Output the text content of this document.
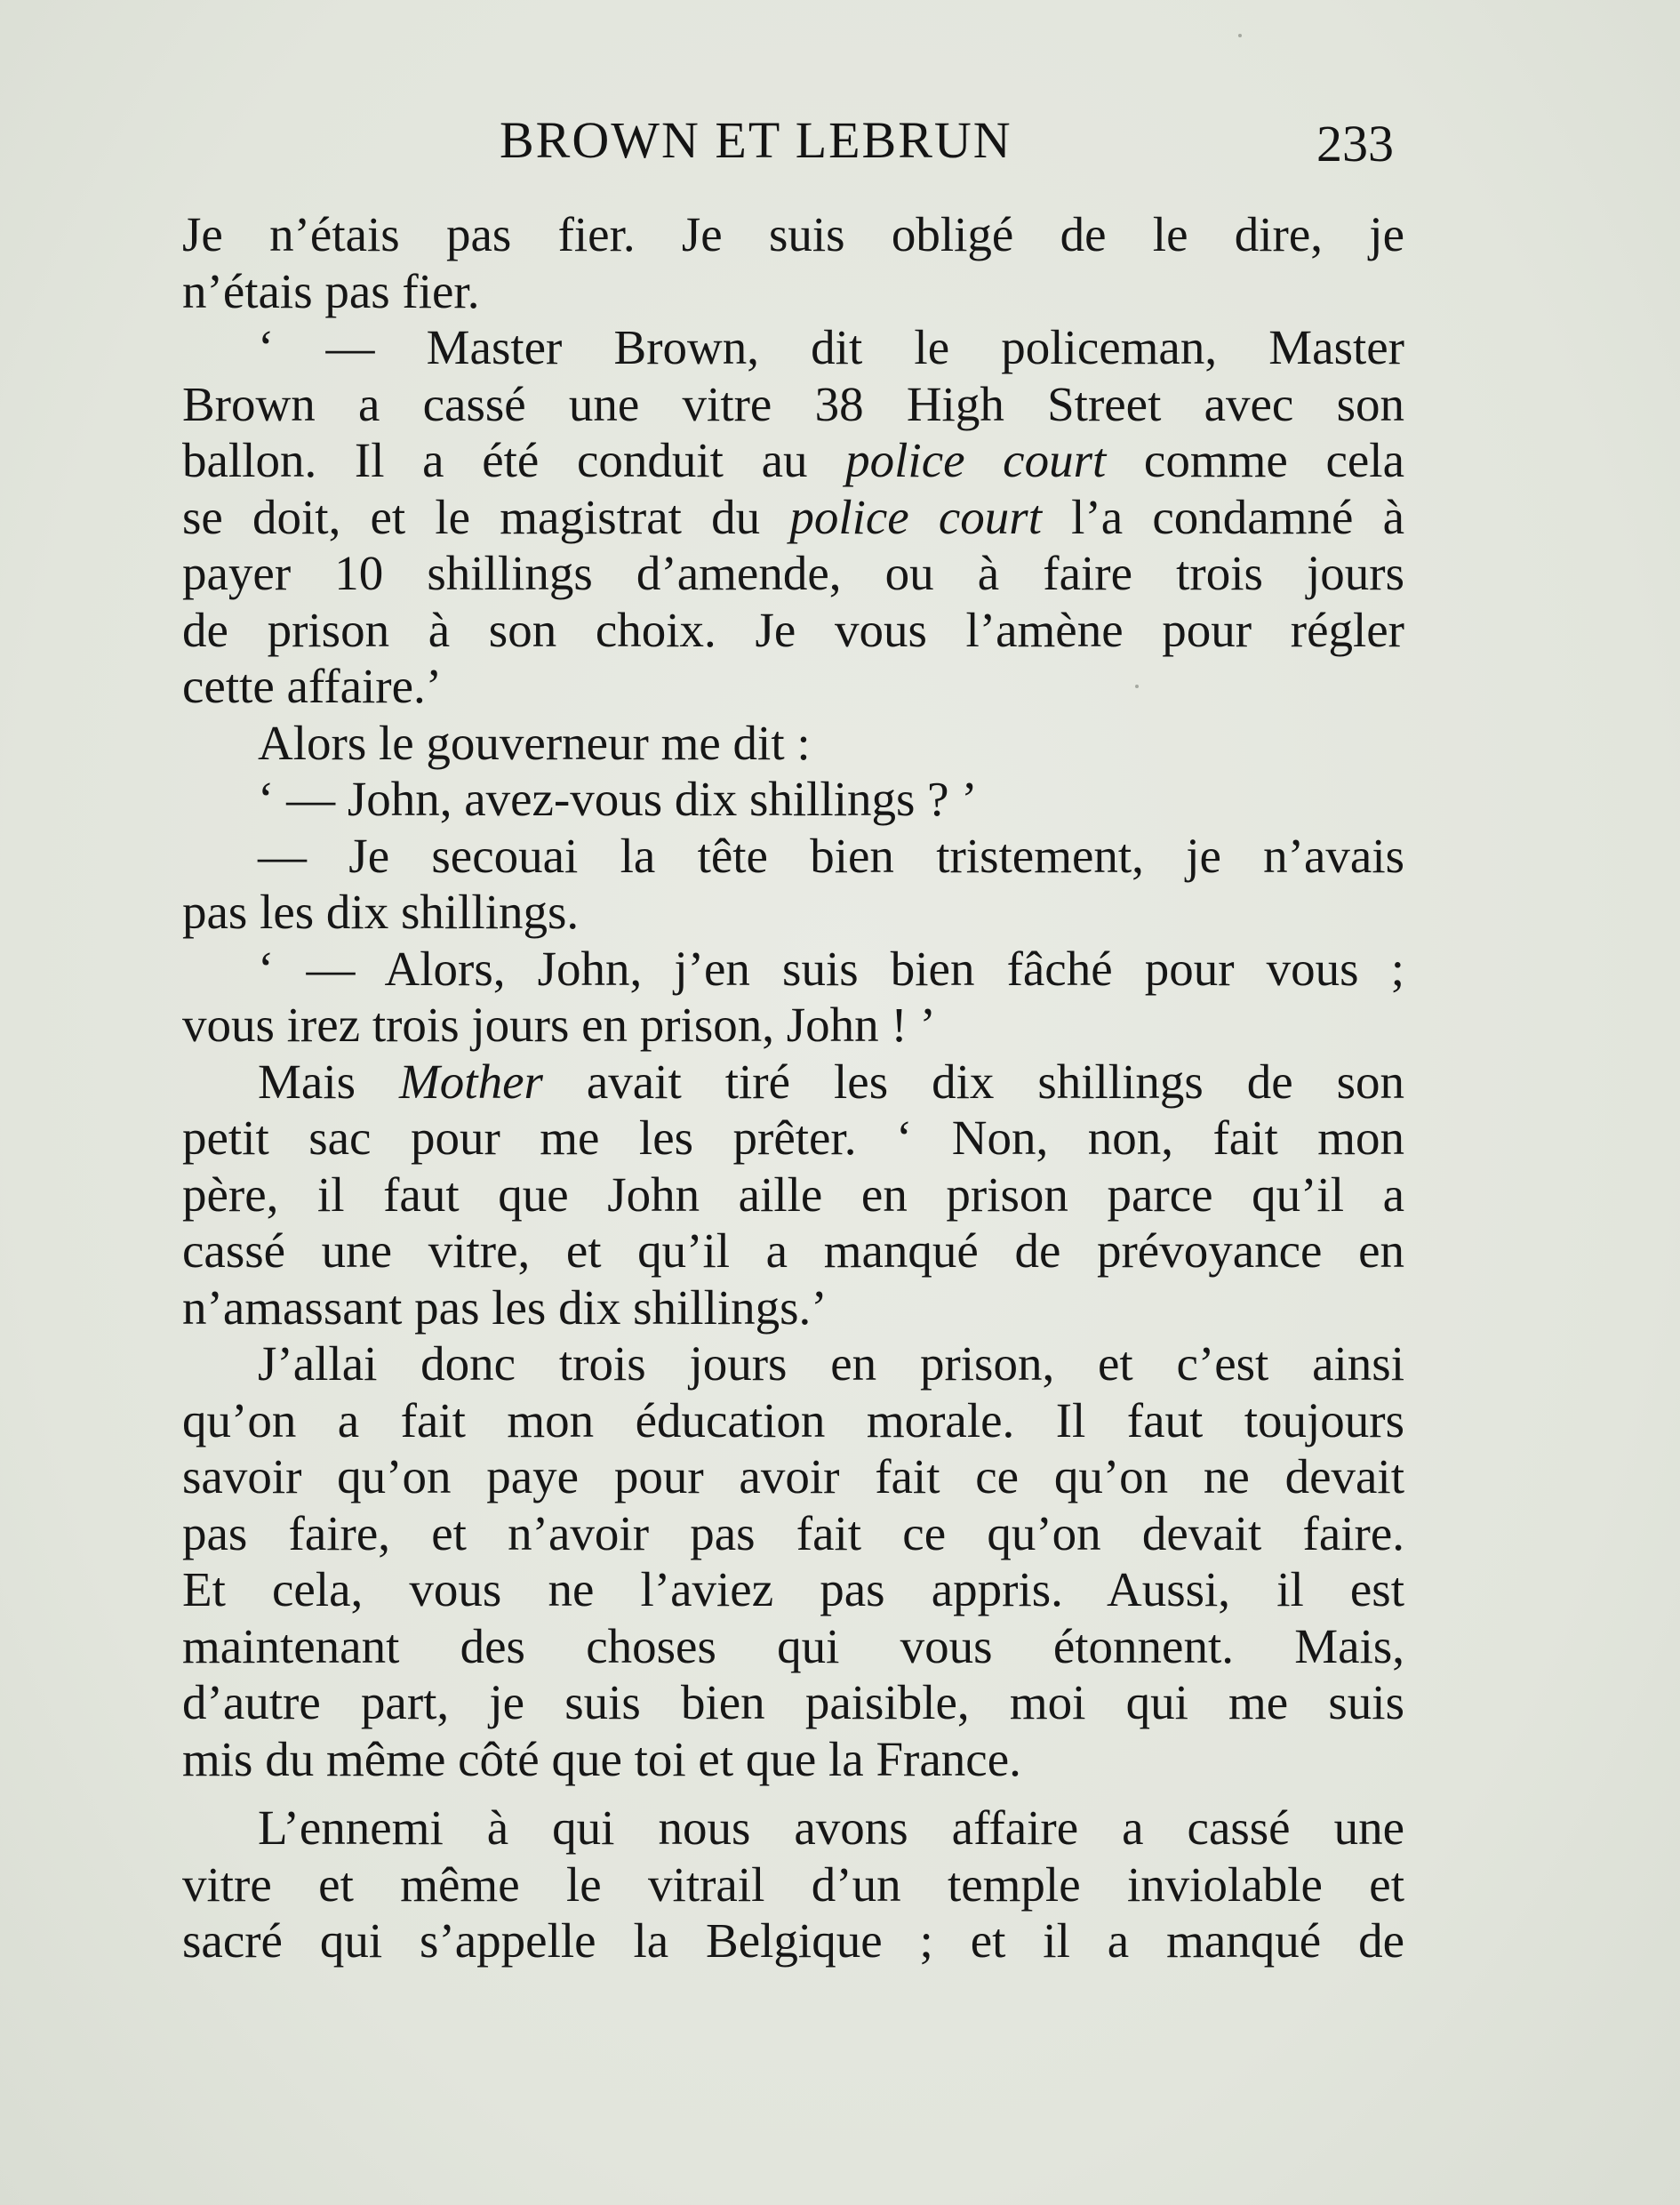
BROWN ET LEBRUN	233
Je n’étais pas fier. Je suis obligé de le dire, je
n’étais pas fier.
‘ — Master Brown, dit le policeman, Master
Brown a cassé une vitre 38 High Street avec son
ballon. Il a été conduit au police court comme cela
se doit, et le magistrat du police court l’a condamné à
payer 10 shillings d’amende, ou à faire trois jours
de prison à son choix. Je vous l’amène pour régler
cette affaire.’
Alors le gouverneur me dit :
‘ — John, avez-vous dix shillings ? ’
— Je secouai la tête bien tristement, je n’avais
pas les dix shillings.
‘ — Alors, John, j’en suis bien fâché pour vous ;
vous irez trois jours en prison, John ! ’
Mais Mother avait tiré les dix shillings de son
petit sac pour me les prêter. ‘ Non, non, fait mon
père, il faut que John aille en prison parce qu’il a
cassé une vitre, et qu’il a manqué de prévoyance en
n’amassant pas les dix shillings.’
J’allai donc trois jours en prison, et c’est ainsi
qu’on a fait mon éducation morale. Il faut toujours
savoir qu’on paye pour avoir fait ce qu’on ne devait
pas faire, et n’avoir pas fait ce qu’on devait faire.
Et cela, vous ne l’aviez pas appris. Aussi, il est
maintenant des choses qui vous étonnent. Mais,
d’autre part, je suis bien paisible, moi qui me suis
mis du même côté que toi et que la France.
L’ennemi à qui nous avons affaire a cassé une
vitre et même le vitrail d’un temple inviolable et
sacré qui s’appelle la Belgique ; et il a manqué de
